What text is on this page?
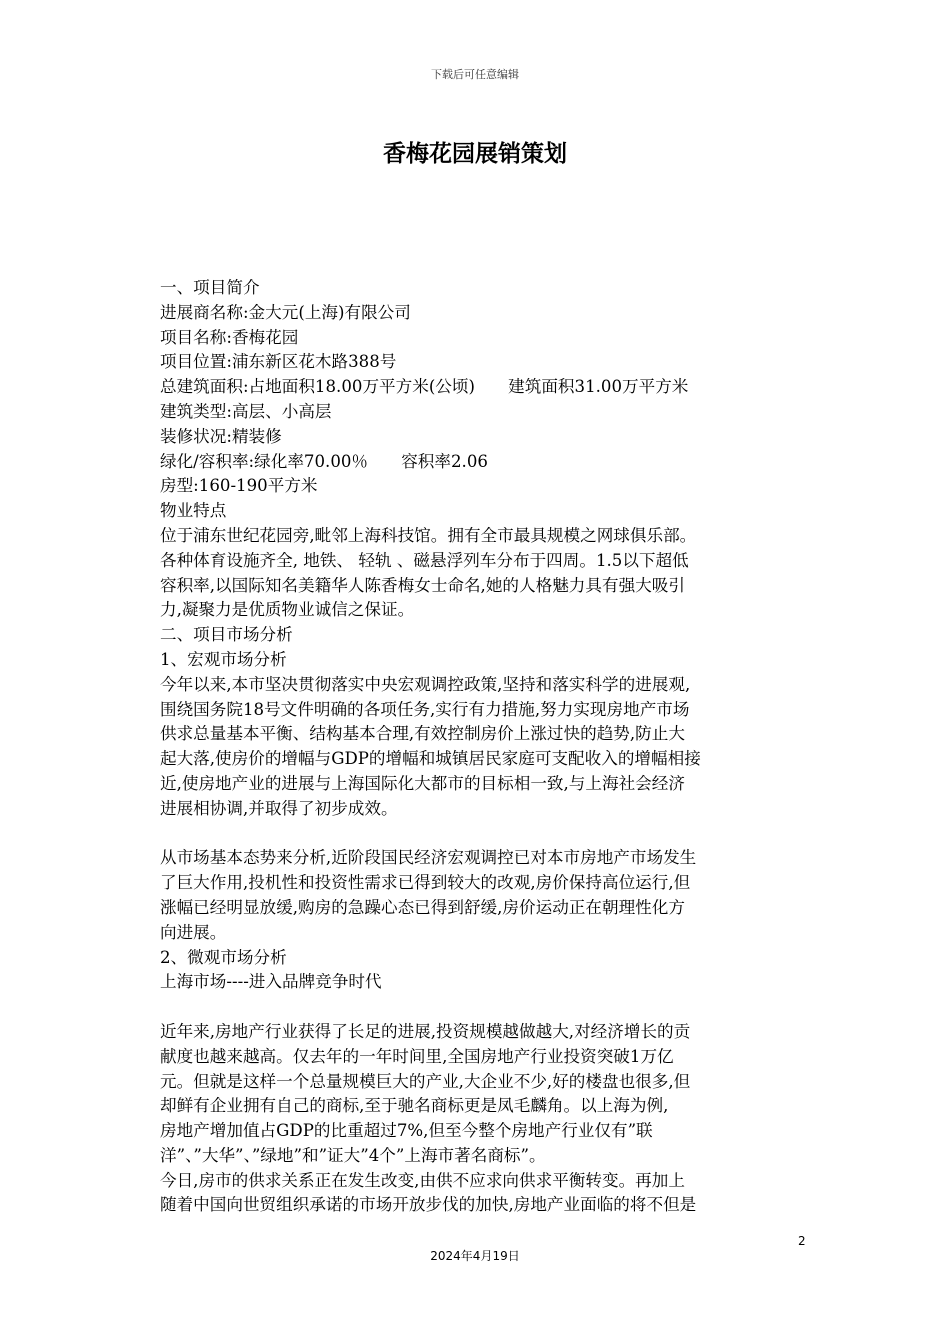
下载后可任意编辑
香梅花园展销策划
一、项目简介
进展商名称:金大元(上海)有限公司
项目名称:香梅花园
项目位置:浦东新区花木路388号
总建筑面积:占地面积18.00万平方米(公顷)　　建筑面积31.00万平方米
建筑类型:高层、小高层
装修状况:精装修
绿化/容积率:绿化率70.00％　　容积率2.06
房型:160-190平方米
物业特点
位于浦东世纪花园旁,毗邻上海科技馆。拥有全市最具规模之网球俱乐部。
各种体育设施齐全, 地铁、 轻轨 、磁悬浮列车分布于四周。1.5以下超低
容积率,以国际知名美籍华人陈香梅女士命名,她的人格魅力具有强大吸引
力,凝聚力是优质物业诚信之保证。
二、项目市场分析
1、宏观市场分析
今年以来,本市坚决贯彻落实中央宏观调控政策,坚持和落实科学的进展观,
围绕国务院18号文件明确的各项任务,实行有力措施,努力实现房地产市场
供求总量基本平衡、结构基本合理,有效控制房价上涨过快的趋势,防止大
起大落,使房价的增幅与GDP的增幅和城镇居民家庭可支配收入的增幅相接
近,使房地产业的进展与上海国际化大都市的目标相一致,与上海社会经济
进展相协调,并取得了初步成效。
从市场基本态势来分析,近阶段国民经济宏观调控已对本市房地产市场发生
了巨大作用,投机性和投资性需求已得到较大的改观,房价保持高位运行,但
涨幅已经明显放缓,购房的急躁心态已得到舒缓,房价运动正在朝理性化方
向进展。
2、微观市场分析
上海市场----进入品牌竞争时代
近年来,房地产行业获得了长足的进展,投资规模越做越大,对经济增长的贡
献度也越来越高。仅去年的一年时间里,全国房地产行业投资突破1万亿
元。但就是这样一个总量规模巨大的产业,大企业不少,好的楼盘也很多,但
却鲜有企业拥有自己的商标,至于驰名商标更是凤毛麟角。以上海为例,
房地产增加值占GDP的比重超过7%,但至今整个房地产行业仅有”联
洋”、”大华”、”绿地”和”证大”4个”上海市著名商标”。
今日,房市的供求关系正在发生改变,由供不应求向供求平衡转变。再加上
随着中国向世贸组织承诺的市场开放步伐的加快,房地产业面临的将不但是
2
2024年4月19日
